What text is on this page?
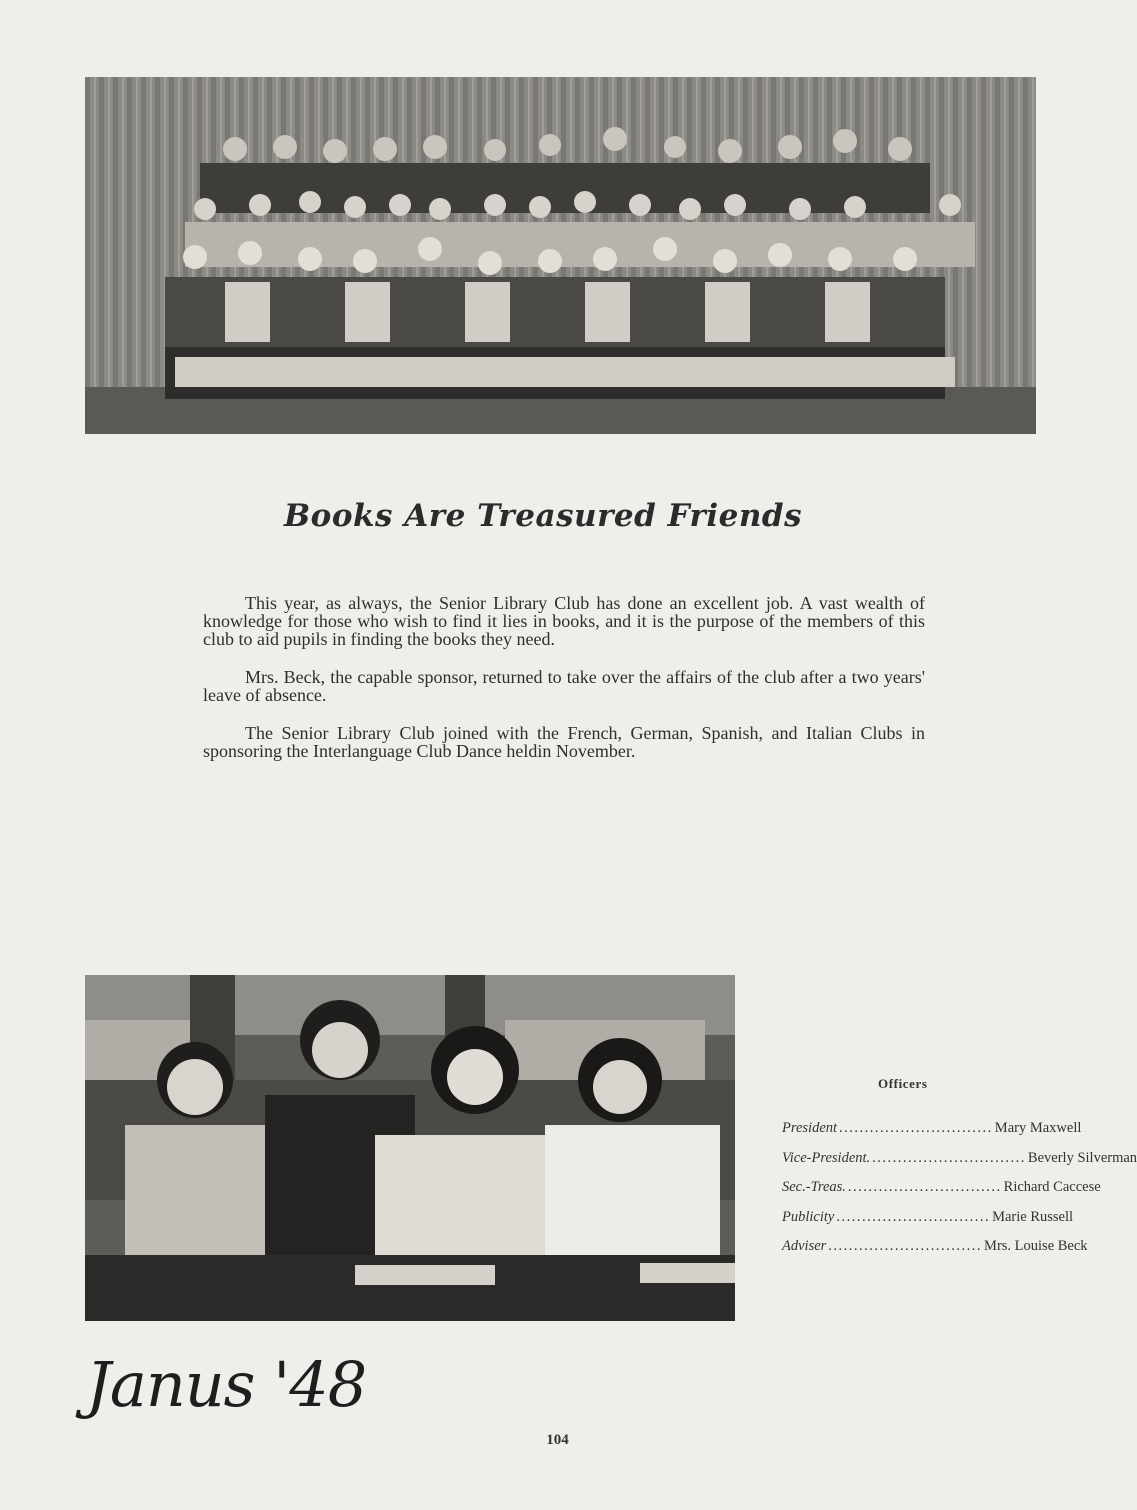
Books Are Treasured Friends

This year, as always, the Senior Library Club has done an excellent job. A vast wealth of knowledge for those who wish to find it lies in books, and it is the purpose of the members of this club to aid pupils in finding the books they need.

Mrs. Beck, the capable sponsor, returned to take over the affairs of the club after a two years' leave of absence.

The Senior Library Club joined with the French, German, Spanish, and Italian Clubs in sponsoring the Interlanguage Club Dance heldin November.

Officers
President .............................. Mary Maxwell
Vice-President. .............................. Beverly Silverman
Sec.-Treas. .............................. Richard Caccese
Publicity .............................. Marie Russell
Adviser .............................. Mrs. Louise Beck
Janus '48
104
